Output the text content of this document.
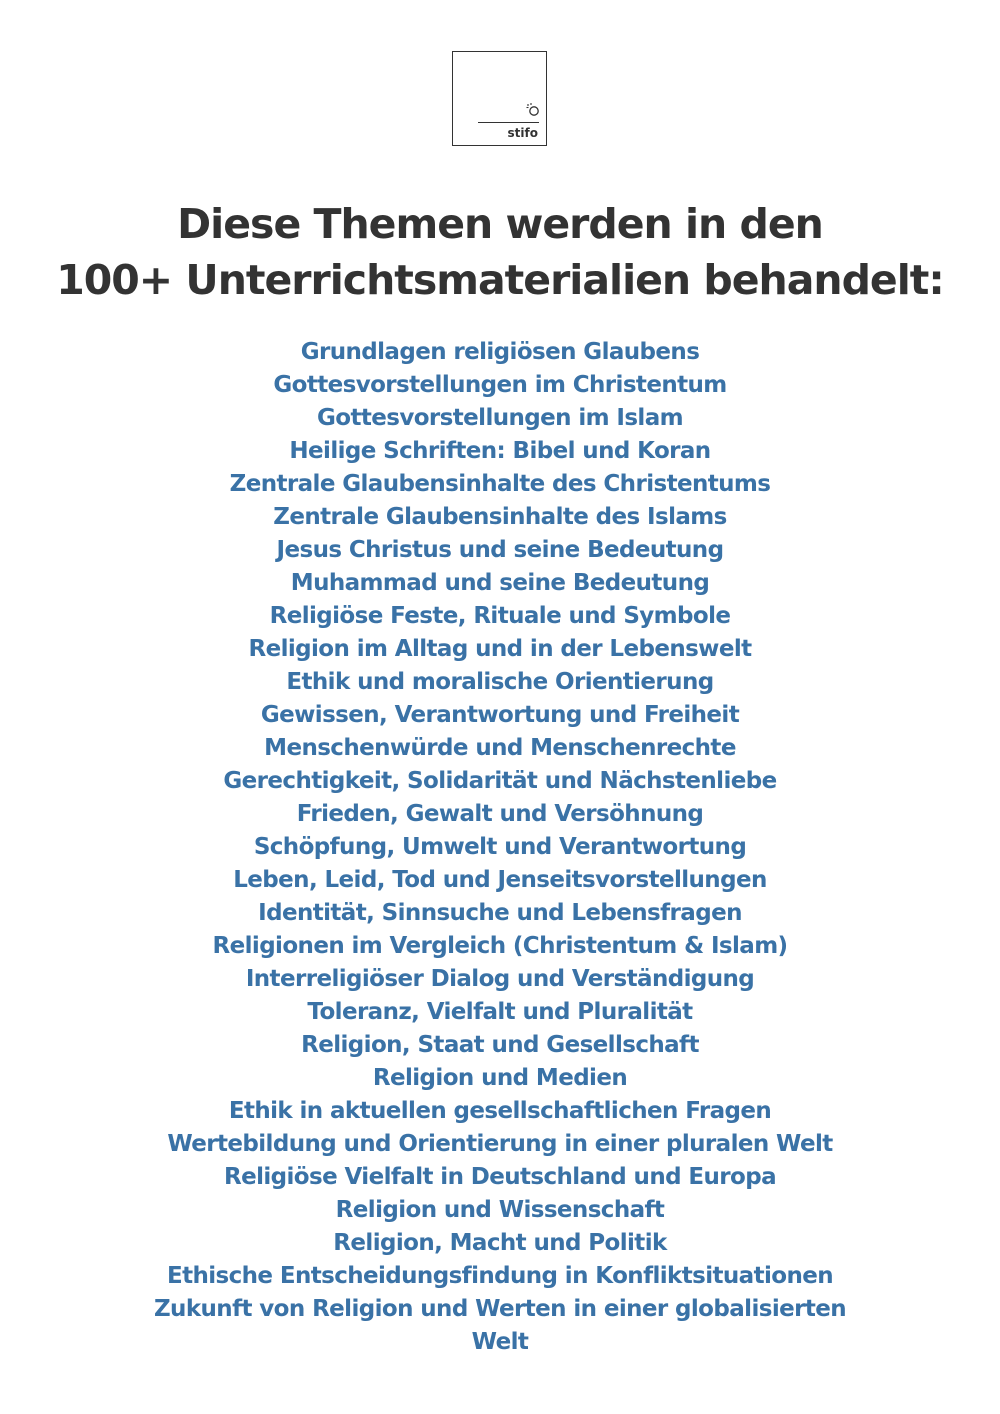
stifo
Diese Themen werden in den
100+ Unterrichtsmaterialien behandelt:
Grundlagen religiösen Glaubens
Gottesvorstellungen im Christentum
Gottesvorstellungen im Islam
Heilige Schriften: Bibel und Koran
Zentrale Glaubensinhalte des Christentums
Zentrale Glaubensinhalte des Islams
Jesus Christus und seine Bedeutung
Muhammad und seine Bedeutung
Religiöse Feste, Rituale und Symbole
Religion im Alltag und in der Lebenswelt
Ethik und moralische Orientierung
Gewissen, Verantwortung und Freiheit
Menschenwürde und Menschenrechte
Gerechtigkeit, Solidarität und Nächstenliebe
Frieden, Gewalt und Versöhnung
Schöpfung, Umwelt und Verantwortung
Leben, Leid, Tod und Jenseitsvorstellungen
Identität, Sinnsuche und Lebensfragen
Religionen im Vergleich (Christentum & Islam)
Interreligiöser Dialog und Verständigung
Toleranz, Vielfalt und Pluralität
Religion, Staat und Gesellschaft
Religion und Medien
Ethik in aktuellen gesellschaftlichen Fragen
Wertebildung und Orientierung in einer pluralen Welt
Religiöse Vielfalt in Deutschland und Europa
Religion und Wissenschaft
Religion, Macht und Politik
Ethische Entscheidungsfindung in Konfliktsituationen
Zukunft von Religion und Werten in einer globalisierten
Welt
